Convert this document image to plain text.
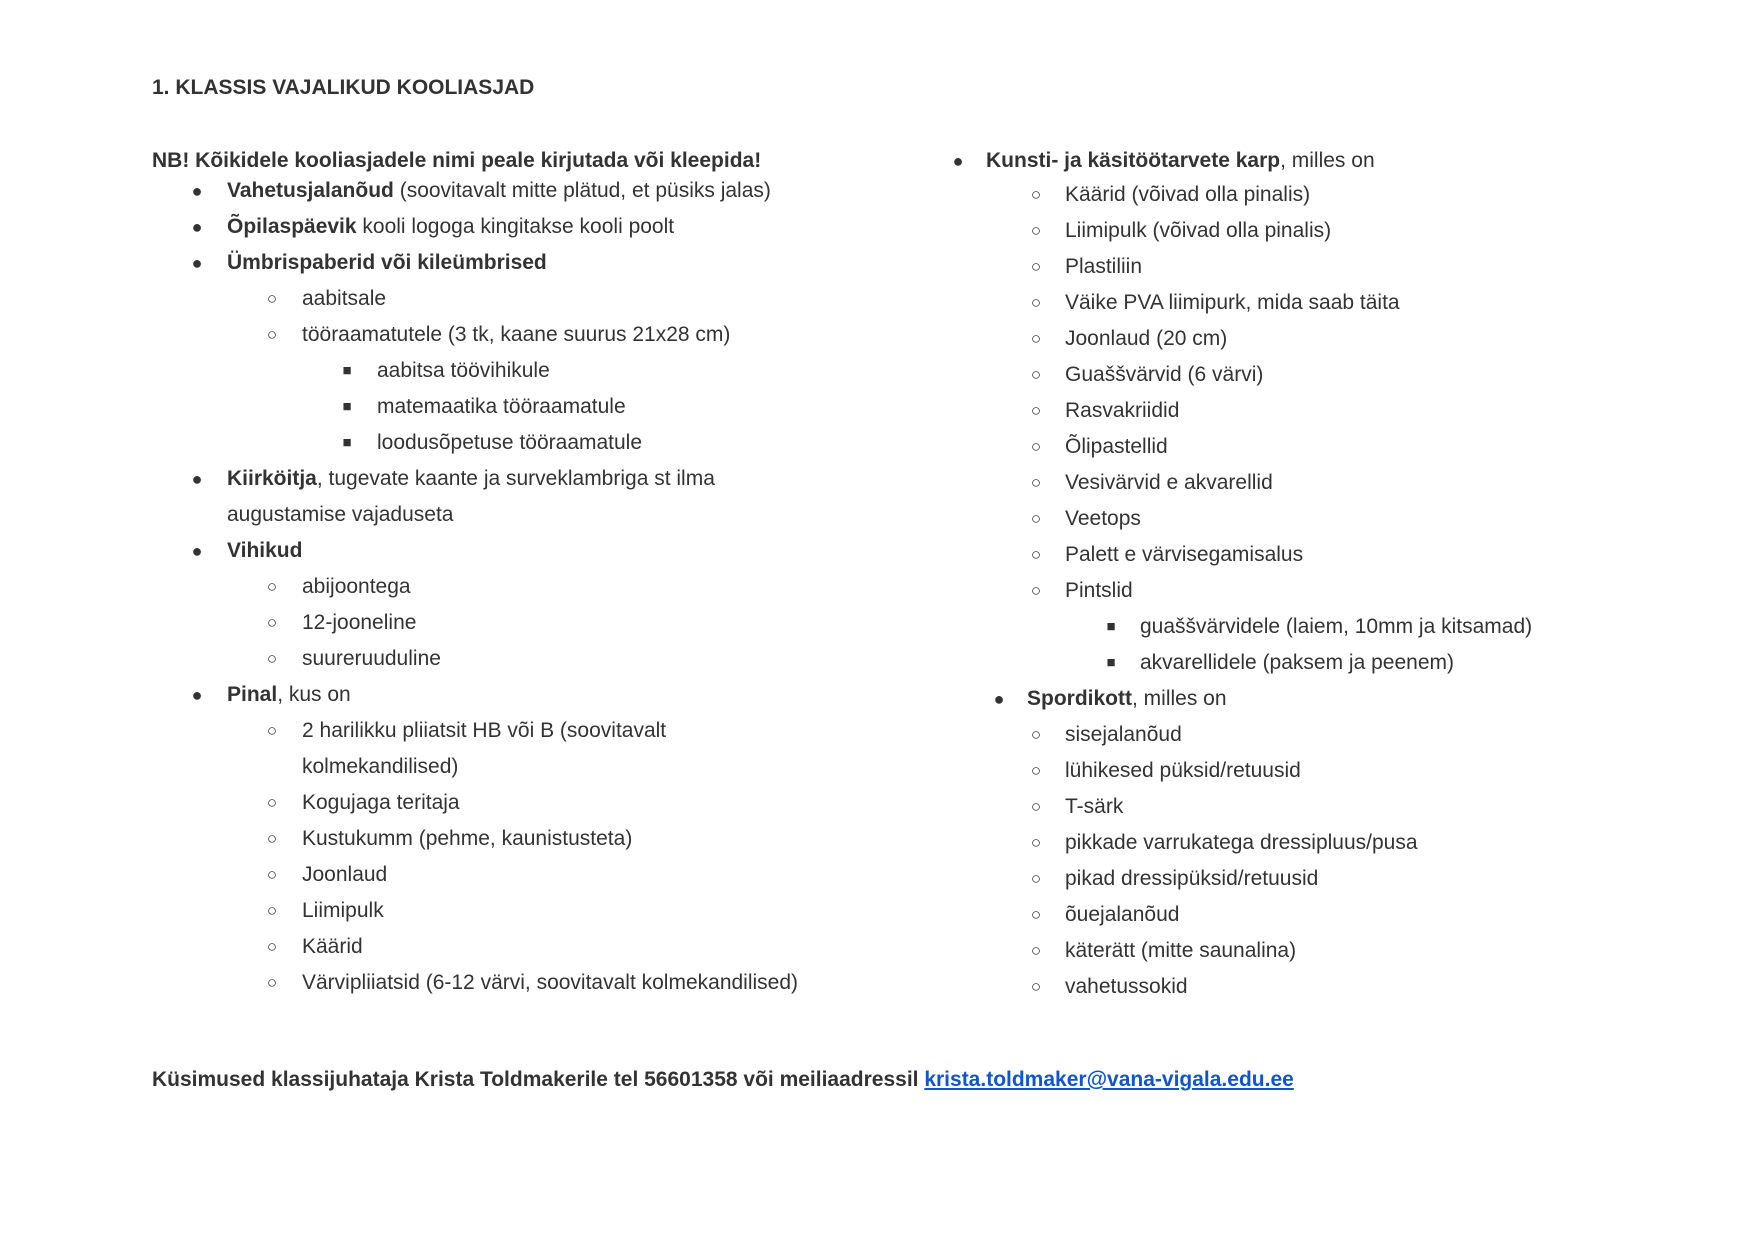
1. KLASSIS VAJALIKUD KOOLIASJAD
NB! Kõikidele kooliasjadele nimi peale kirjutada või kleepida!
● Vahetusjalanõud (soovitavalt mitte plätud, et püsiks jalas)
● Õpilaspäevik kooli logoga kingitakse kooli poolt
● Ümbrispaberid või kileümbrised
○ aabitsale
○ tööraamatutele (3 tk, kaane suurus 21x28 cm)
■ aabitsa töövihikule
■ matemaatika tööraamatule
■ loodusõpetuse tööraamatule
● Kiirköitja, tugevate kaante ja surveklambriga st ilma
augustamise vajaduseta
● Vihikud
○ abijoontega
○ 12-jooneline
○ suureruuduline
● Pinal, kus on
○ 2 harilikku pliiatsit HB või B (soovitavalt
kolmekandilised)
○ Kogujaga teritaja
○ Kustukumm (pehme, kaunistusteta)
○ Joonlaud
○ Liimipulk
○ Käärid
○ Värvipliiatsid (6-12 värvi, soovitavalt kolmekandilised)
● Kunsti- ja käsitöötarvete karp, milles on
○ Käärid (võivad olla pinalis)
○ Liimipulk (võivad olla pinalis)
○ Plastiliin
○ Väike PVA liimipurk, mida saab täita
○ Joonlaud (20 cm)
○ Guaššvärvid (6 värvi)
○ Rasvakriidid
○ Õlipastellid
○ Vesivärvid e akvarellid
○ Veetops
○ Palett e värvisegamisalus
○ Pintslid
■ guaššvärvidele (laiem, 10mm ja kitsamad)
■ akvarellidele (paksem ja peenem)
● Spordikott, milles on
○ sisejalanõud
○ lühikesed püksid/retuusid
○ T-särk
○ pikkade varrukatega dressipluus/pusa
○ pikad dressipüksid/retuusid
○ õuejalanõud
○ käterätt (mitte saunalina)
○ vahetussokid
Küsimused klassijuhataja Krista Toldmakerile tel 56601358 või meiliaadressil krista.toldmaker@vana-vigala.edu.ee
